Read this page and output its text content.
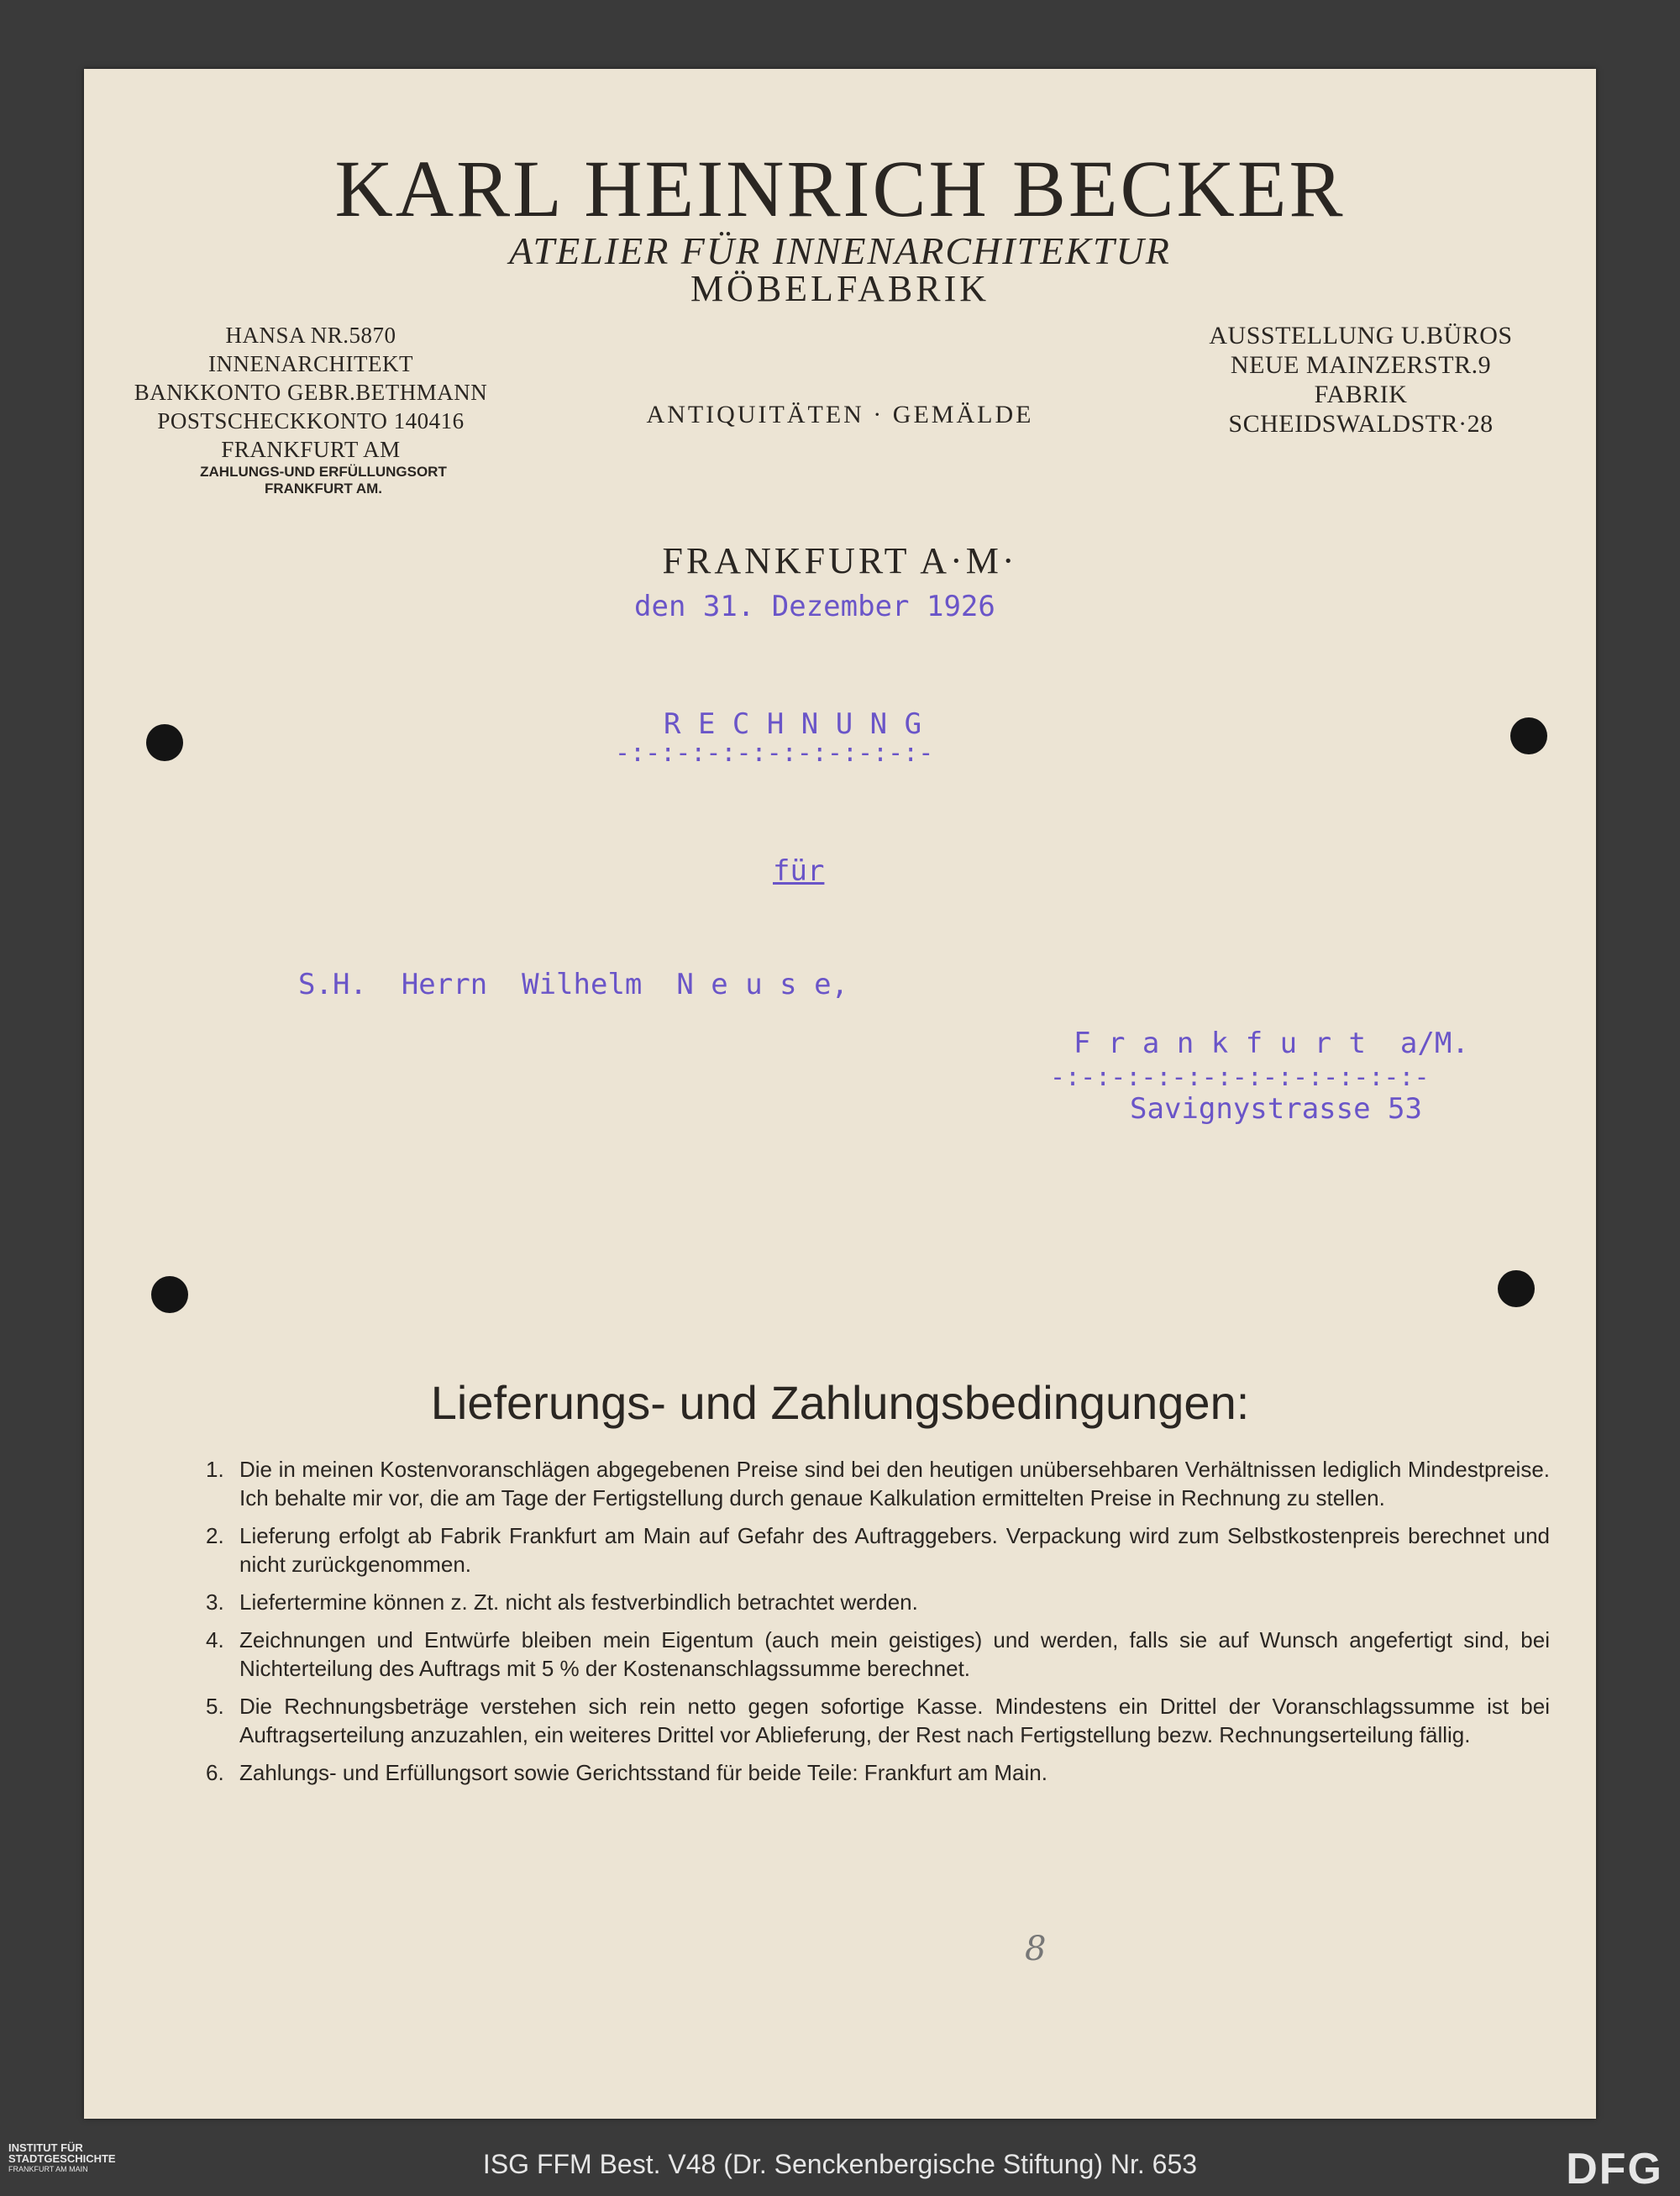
KARL HEINRICH BECKER
ATELIER FÜR INNENARCHITEKTUR
MÖBELFABRIK
HANSA NR.5870
INNENARCHITEKT
BANKKONTO GEBR.BETHMANN
POSTSCHECKKONTO 140416
FRANKFURT AM
ZAHLUNGS-UND ERFÜLLUNGSORT
FRANKFURT AM.
ANTIQUITÄTEN · GEMÄLDE
AUSSTELLUNG U.BÜROS
NEUE MAINZERSTR.9
FABRIK
SCHEIDSWALDSTR·28
FRANKFURT A·M·
den 31. Dezember 1926
R E C H N U N G
-:-:-:-:-:-:-:-:-:-:-
für
S.H.  Herrn  Wilhelm  N e u s e,
F r a n k f u r t  a/M.
-:-:-:-:-:-:-:-:-:-:-:-:-
Savignystrasse 53
Lieferungs- und Zahlungsbedingungen:
1. Die in meinen Kostenvoranschlägen abgegebenen Preise sind bei den heutigen unübersehbaren Verhältnissen lediglich Mindestpreise. Ich behalte mir vor, die am Tage der Fertigstellung durch genaue Kalkulation ermittelten Preise in Rechnung zu stellen.
2. Lieferung erfolgt ab Fabrik Frankfurt am Main auf Gefahr des Auftraggebers. Verpackung wird zum Selbstkostenpreis berechnet und nicht zurückgenommen.
3. Liefertermine können z. Zt. nicht als festverbindlich betrachtet werden.
4. Zeichnungen und Entwürfe bleiben mein Eigentum (auch mein geistiges) und werden, falls sie auf Wunsch angefertigt sind, bei Nichterteilung des Auftrags mit 5 % der Kostenanschlagssumme berechnet.
5. Die Rechnungsbeträge verstehen sich rein netto gegen sofortige Kasse. Mindestens ein Drittel der Voranschlagssumme ist bei Auftragserteilung anzuzahlen, ein weiteres Drittel vor Ablieferung, der Rest nach Fertigstellung bezw. Rechnungserteilung fällig.
6. Zahlungs- und Erfüllungsort sowie Gerichtsstand für beide Teile: Frankfurt am Main.
8
INSTITUT FÜR
STADTGESCHICHTE
FRANKFURT AM MAIN	ISG FFM Best. V48 (Dr. Senckenbergische Stiftung) Nr. 653	DFG
